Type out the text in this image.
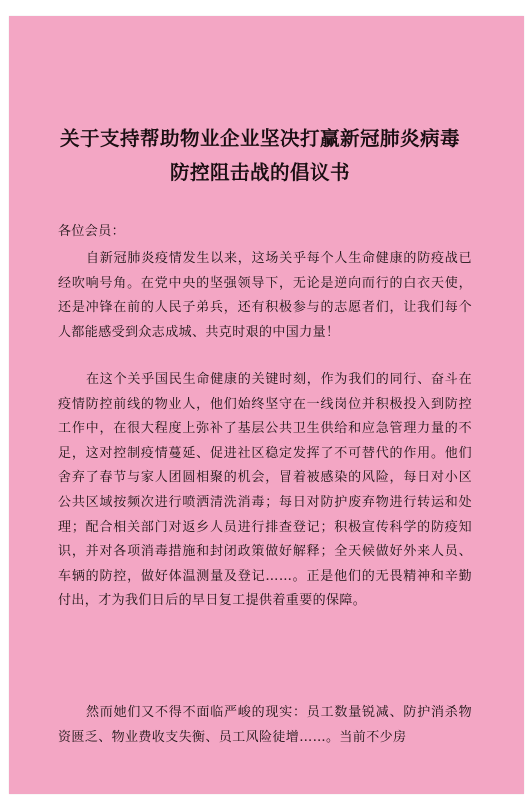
关于支持帮助物业企业坚决打赢新冠肺炎病毒
防控阻击战的倡议书
各位会员：

自新冠肺炎疫情发生以来，这场关乎每个人生命健康的防疫战已经吹响号角。在党中央的坚强领导下，无论是逆向而行的白衣天使，还是冲锋在前的人民子弟兵，还有积极参与的志愿者们，让我们每个人都能感受到众志成城、共克时艰的中国力量！

在这个关乎国民生命健康的关键时刻，作为我们的同行、奋斗在疫情防控前线的物业人，他们始终坚守在一线岗位并积极投入到防控工作中，在很大程度上弥补了基层公共卫生供给和应急管理力量的不足，这对控制疫情蔓延、促进社区稳定发挥了不可替代的作用。他们舍弃了春节与家人团圆相聚的机会，冒着被感染的风险，每日对小区公共区域按频次进行喷洒清洗消毒；每日对防护废弃物进行转运和处理；配合相关部门对返乡人员进行排查登记；积极宣传科学的防疫知识，并对各项消毒措施和封闭政策做好解释；全天候做好外来人员、车辆的防控，做好体温测量及登记……。正是他们的无畏精神和辛勤付出，才为我们日后的早日复工提供着重要的保障。

然而她们又不得不面临严峻的现实：员工数量锐减、防护消杀物资匮乏、物业费收支失衡、员工风险徒增……。当前不少房
